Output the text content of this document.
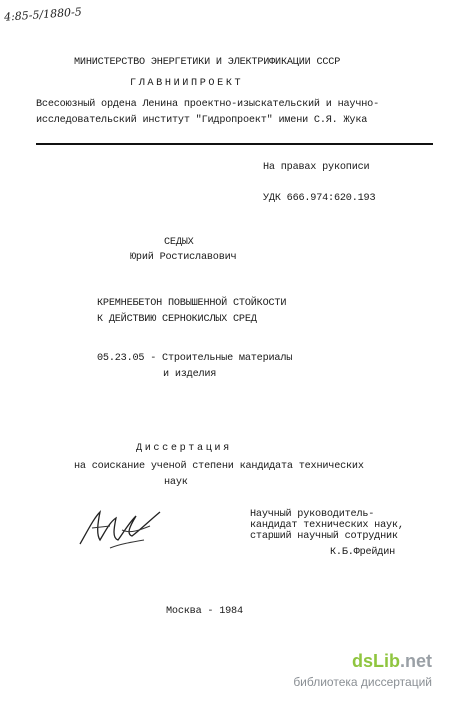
4:85-5/1880-5
МИНИСТЕРСТВО ЭНЕРГЕТИКИ И ЭЛЕКТРИФИКАЦИИ СССР
ГЛАВНИИПРОЕКТ
Всесоюзный ордена Ленина проектно-изыскательский и научно-
исследовательский институт "Гидропроект" имени С.Я. Жука
На правах рукописи
УДК 666.974:620.193
СЕДЫХ
Юрий Ростиславович
КРЕМНЕБЕТОН ПОВЫШЕННОЙ СТОЙКОСТИ
К ДЕЙСТВИЮ СЕРНОКИСЛЫХ СРЕД
05.23.05 - Строительные материалы
и изделия
Диссертация
на соискание ученой степени кандидата технических
наук
Научный руководитель-
кандидат технических наук,
старший научный сотрудник
К.Б.Фрейдин
Москва - 1984
dsLib.net
библиотека диссертаций
